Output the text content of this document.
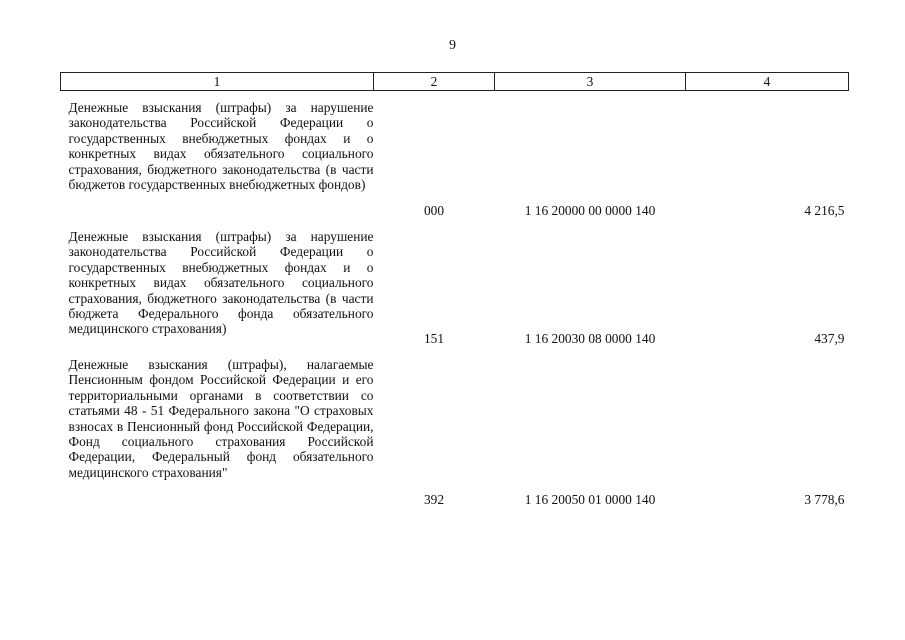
9
1	2	3	4
Денежные взыскания (штрафы) за нарушение законодательства Российской Федерации о государственных внебюджетных фондах и о конкретных видах обязательного социального страхования, бюджетного законодательства (в части бюджетов государственных внебюджетных фондов)	000	1 16 20000 00 0000 140	4 216,5
Денежные взыскания (штрафы) за нарушение законодательства Российской Федерации о государственных внебюджетных фондах и о конкретных видах обязательного социального страхования, бюджетного законодательства (в части бюджета Федерального фонда обязательного медицинского страхования)	151	1 16 20030 08 0000 140	437,9
Денежные взыскания (штрафы), налагаемые Пенсионным фондом Российской Федерации и его территориальными органами в соответствии со статьями 48 - 51 Федерального закона "О страховых взносах в Пенсионный фонд Российской Федерации, Фонд социального страхования Российской Федерации, Федеральный фонд обязательного медицинского страхования"	392	1 16 20050 01 0000 140	3 778,6
